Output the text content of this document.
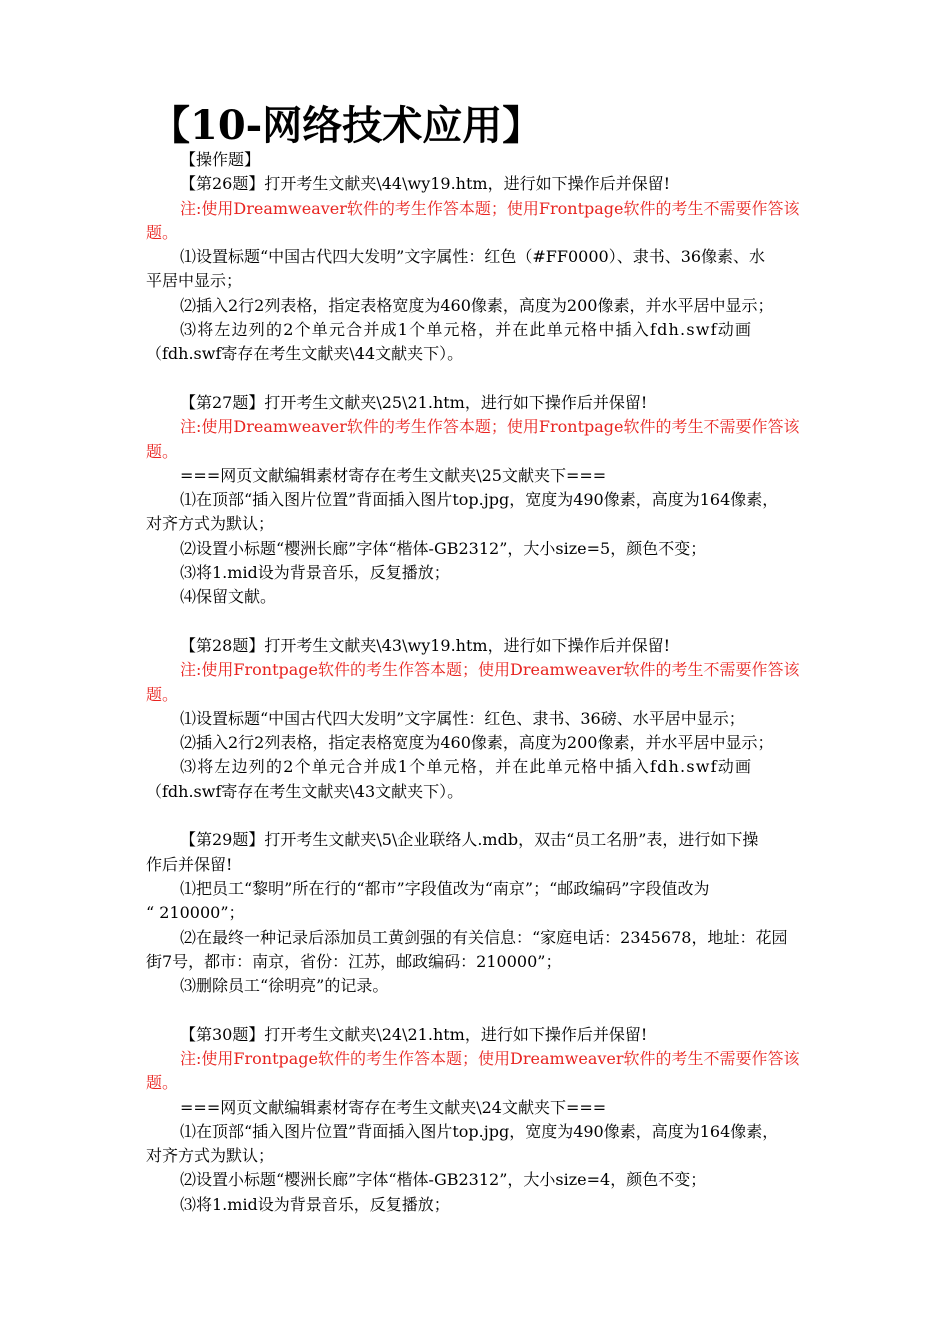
【10-网络技术应用】
【操作题】
【第26题】打开考生文献夹\44\wy19.htm，进行如下操作后并保留!
注:使用Dreamweaver软件的考生作答本题；使用Frontpage软件的考生不需要作答该
题。
⑴设置标题“中国古代四大发明”文字属性：红色（#FF0000）、隶书、36像素、水
平居中显示；
⑵插入2行2列表格，指定表格宽度为460像素，高度为200像素，并水平居中显示；
⑶将左边列的2个单元合并成1个单元格，并在此单元格中插入fdh.swf动画
（fdh.swf寄存在考生文献夹\44文献夹下）。
【第27题】打开考生文献夹\25\21.htm，进行如下操作后并保留!
注:使用Dreamweaver软件的考生作答本题；使用Frontpage软件的考生不需要作答该
题。
===网页文献编辑素材寄存在考生文献夹\25文献夹下===
⑴在顶部“插入图片位置”背面插入图片top.jpg，宽度为490像素，高度为164像素，
对齐方式为默认；
⑵设置小标题“樱洲长廊”字体“楷体-GB2312”，大小size=5，颜色不变；
⑶将1.mid设为背景音乐，反复播放；
⑷保留文献。
【第28题】打开考生文献夹\43\wy19.htm，进行如下操作后并保留!
注:使用Frontpage软件的考生作答本题；使用Dreamweaver软件的考生不需要作答该
题。
⑴设置标题“中国古代四大发明”文字属性：红色、隶书、36磅、水平居中显示；
⑵插入2行2列表格，指定表格宽度为460像素，高度为200像素，并水平居中显示；
⑶将左边列的2个单元合并成1个单元格，并在此单元格中插入fdh.swf动画
（fdh.swf寄存在考生文献夹\43文献夹下）。
【第29题】打开考生文献夹\5\企业联络人.mdb，双击“员工名册”表，进行如下操
作后并保留!
⑴把员工“黎明”所在行的“都市”字段值改为“南京”；“邮政编码”字段值改为
“ 210000”；
⑵在最终一种记录后添加员工黄剑强的有关信息：“家庭电话：2345678，地址：花园
街7号，都市：南京，省份：江苏，邮政编码：210000”；
⑶删除员工“徐明亮”的记录。
【第30题】打开考生文献夹\24\21.htm，进行如下操作后并保留!
注:使用Frontpage软件的考生作答本题；使用Dreamweaver软件的考生不需要作答该
题。
===网页文献编辑素材寄存在考生文献夹\24文献夹下===
⑴在顶部“插入图片位置”背面插入图片top.jpg，宽度为490像素，高度为164像素，
对齐方式为默认；
⑵设置小标题“樱洲长廊”字体“楷体-GB2312”，大小size=4，颜色不变；
⑶将1.mid设为背景音乐，反复播放；
